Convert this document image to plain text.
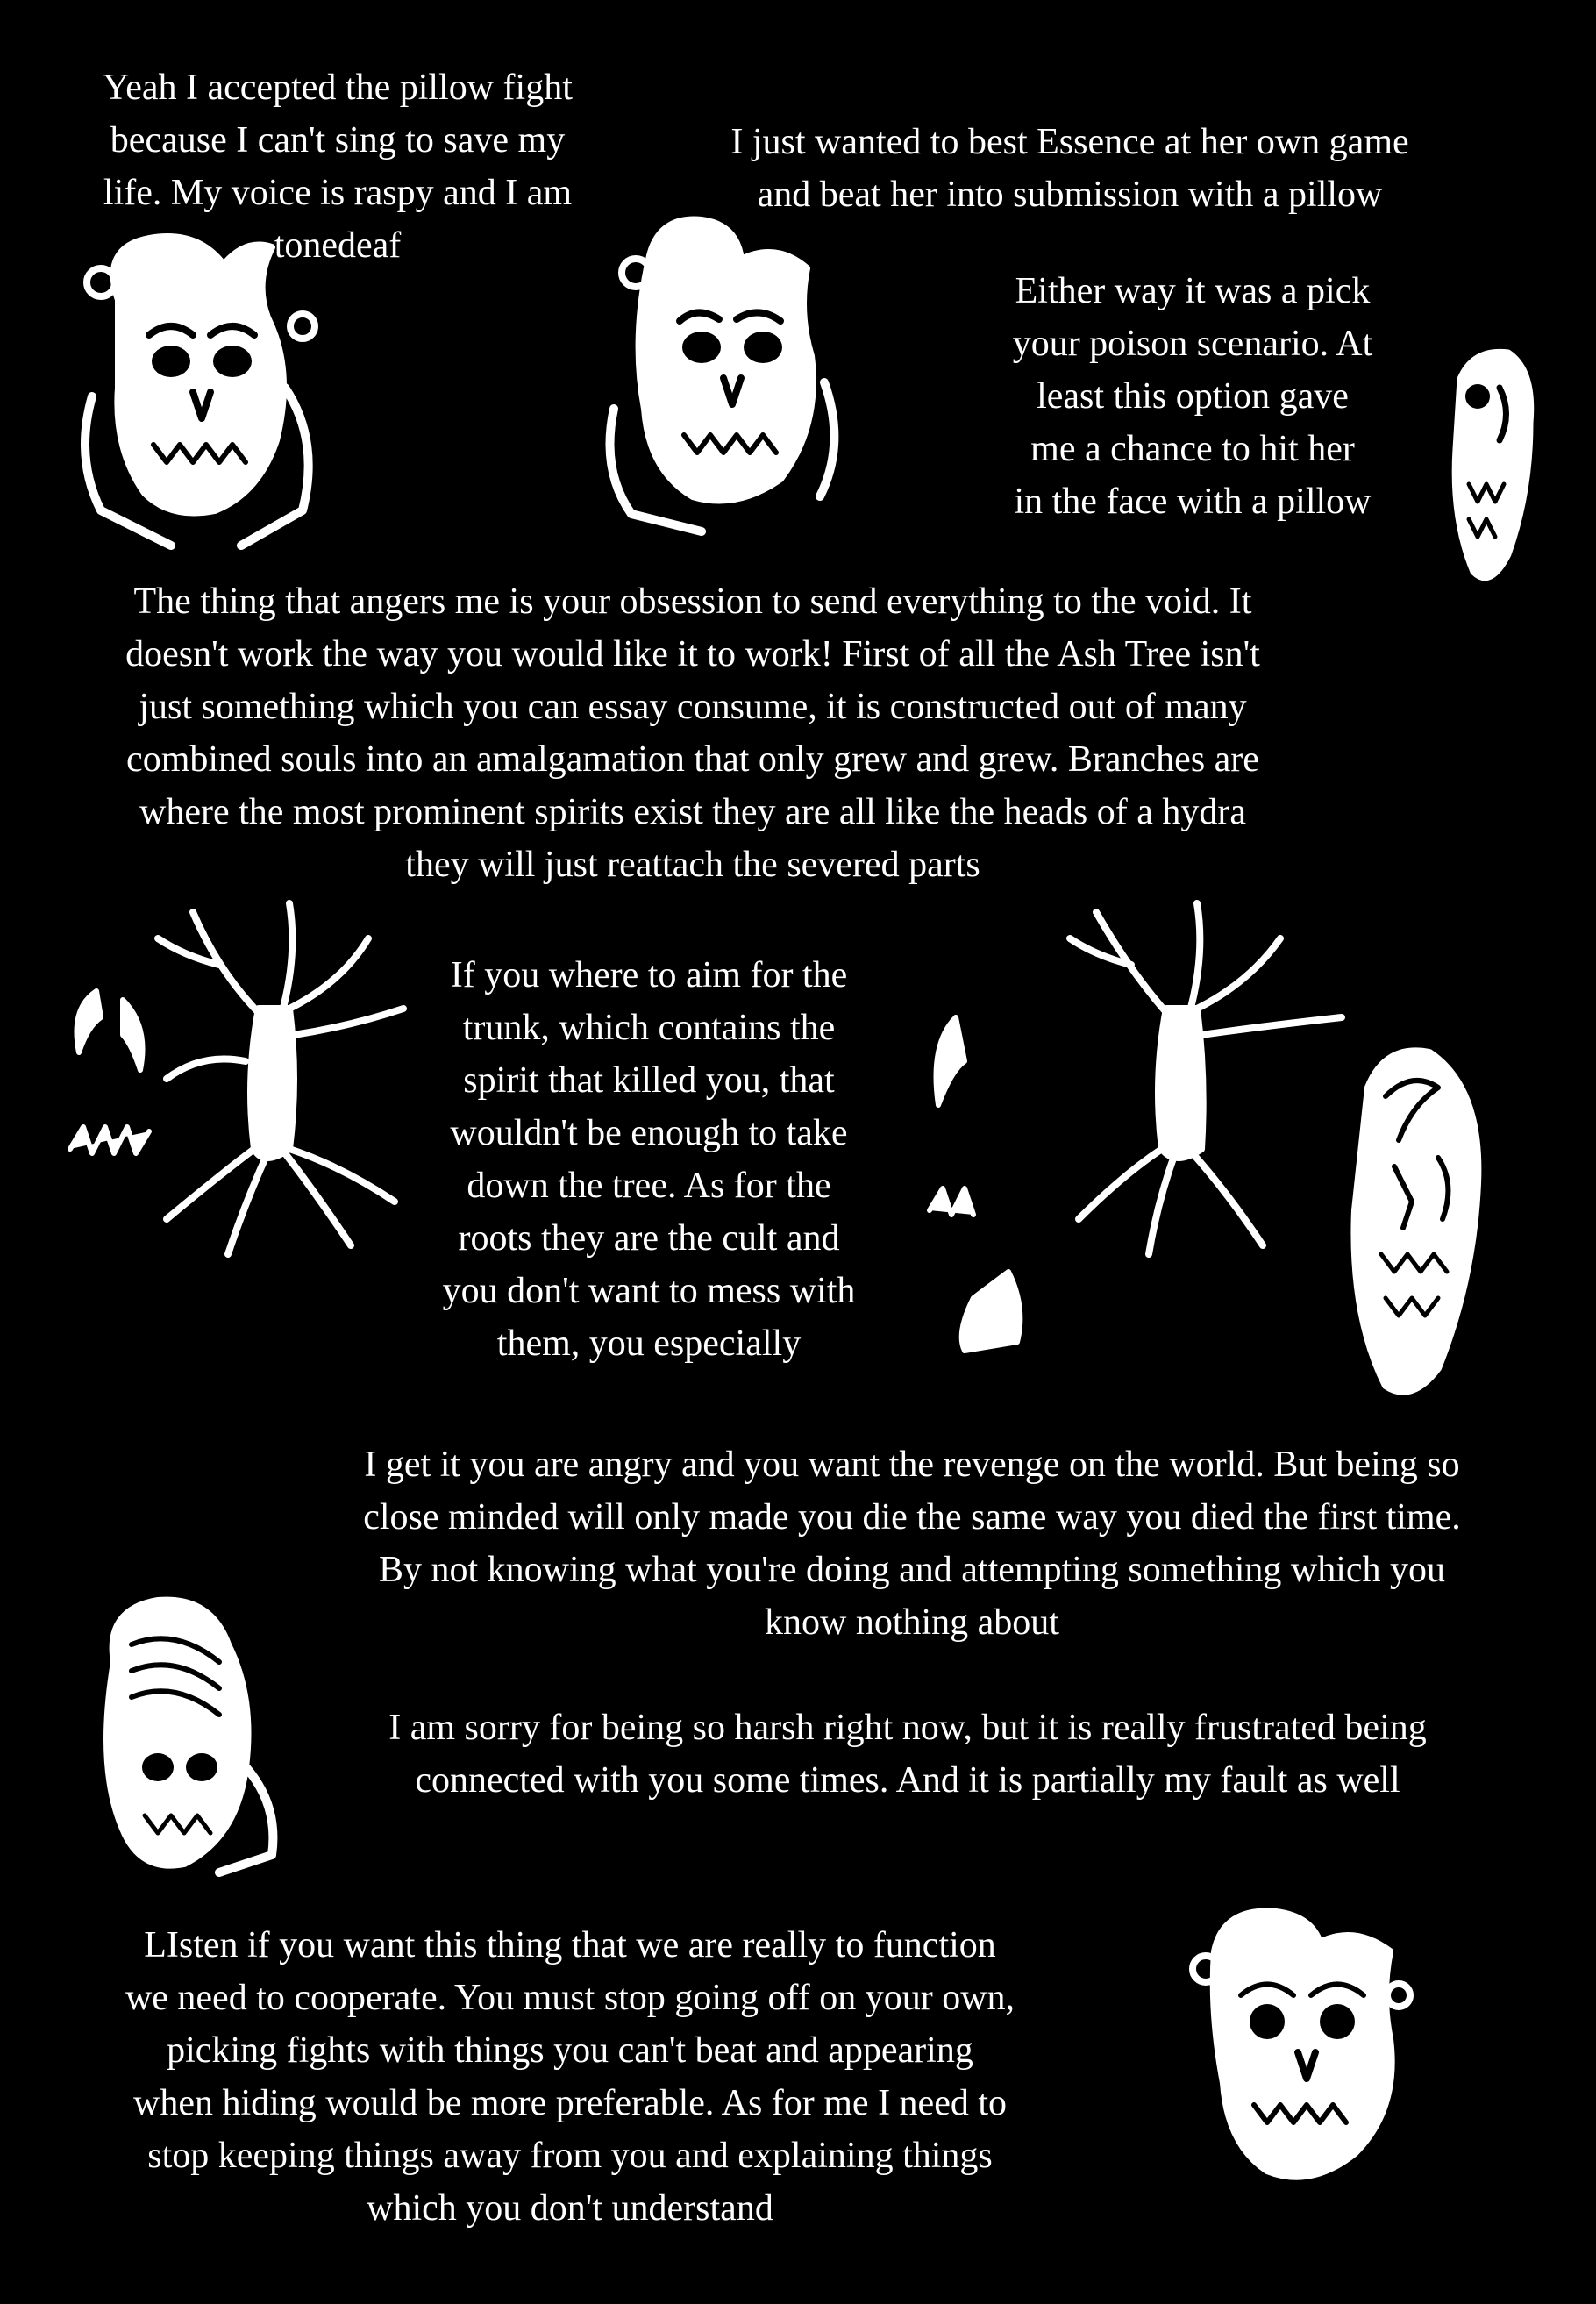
Yeah I accepted the pillow fight
because I can't sing to save my
life. My voice is raspy and I am
tonedeaf

I just wanted to best Essence at her own game
and beat her into submission with a pillow

Either way it was a pick
your poison scenario. At
least this option gave
me a chance to hit her
in the face with a pillow

The thing that angers me is your obsession to send everything to the void. It
doesn't work the way you would like it to work! First of all the Ash Tree isn't
just something which you can essay consume, it is constructed out of many
combined souls into an amalgamation that only grew and grew. Branches are
where the most prominent spirits exist they are all like the heads of a hydra
they will just reattach the severed parts

If you where to aim for the
trunk, which contains the
spirit that killed you, that
wouldn't be enough to take
down the tree. As for the
roots they are the cult and
you don't want to mess with
them, you especially

I get it you are angry and you want the revenge on the world. But being so
close minded will only made you die the same way you died the first time.
By not knowing what you're doing and attempting something which you
know nothing about

I am sorry for being so harsh right now, but it is really frustrated being
connected with you some times. And it is partially my fault as well

LIsten if you want this thing that we are really to function
we need to cooperate. You must stop going off on your own,
picking fights with things you can't beat and appearing
when hiding would be more preferable. As for me I need to
stop keeping things away from you and explaining things
which you don't understand
